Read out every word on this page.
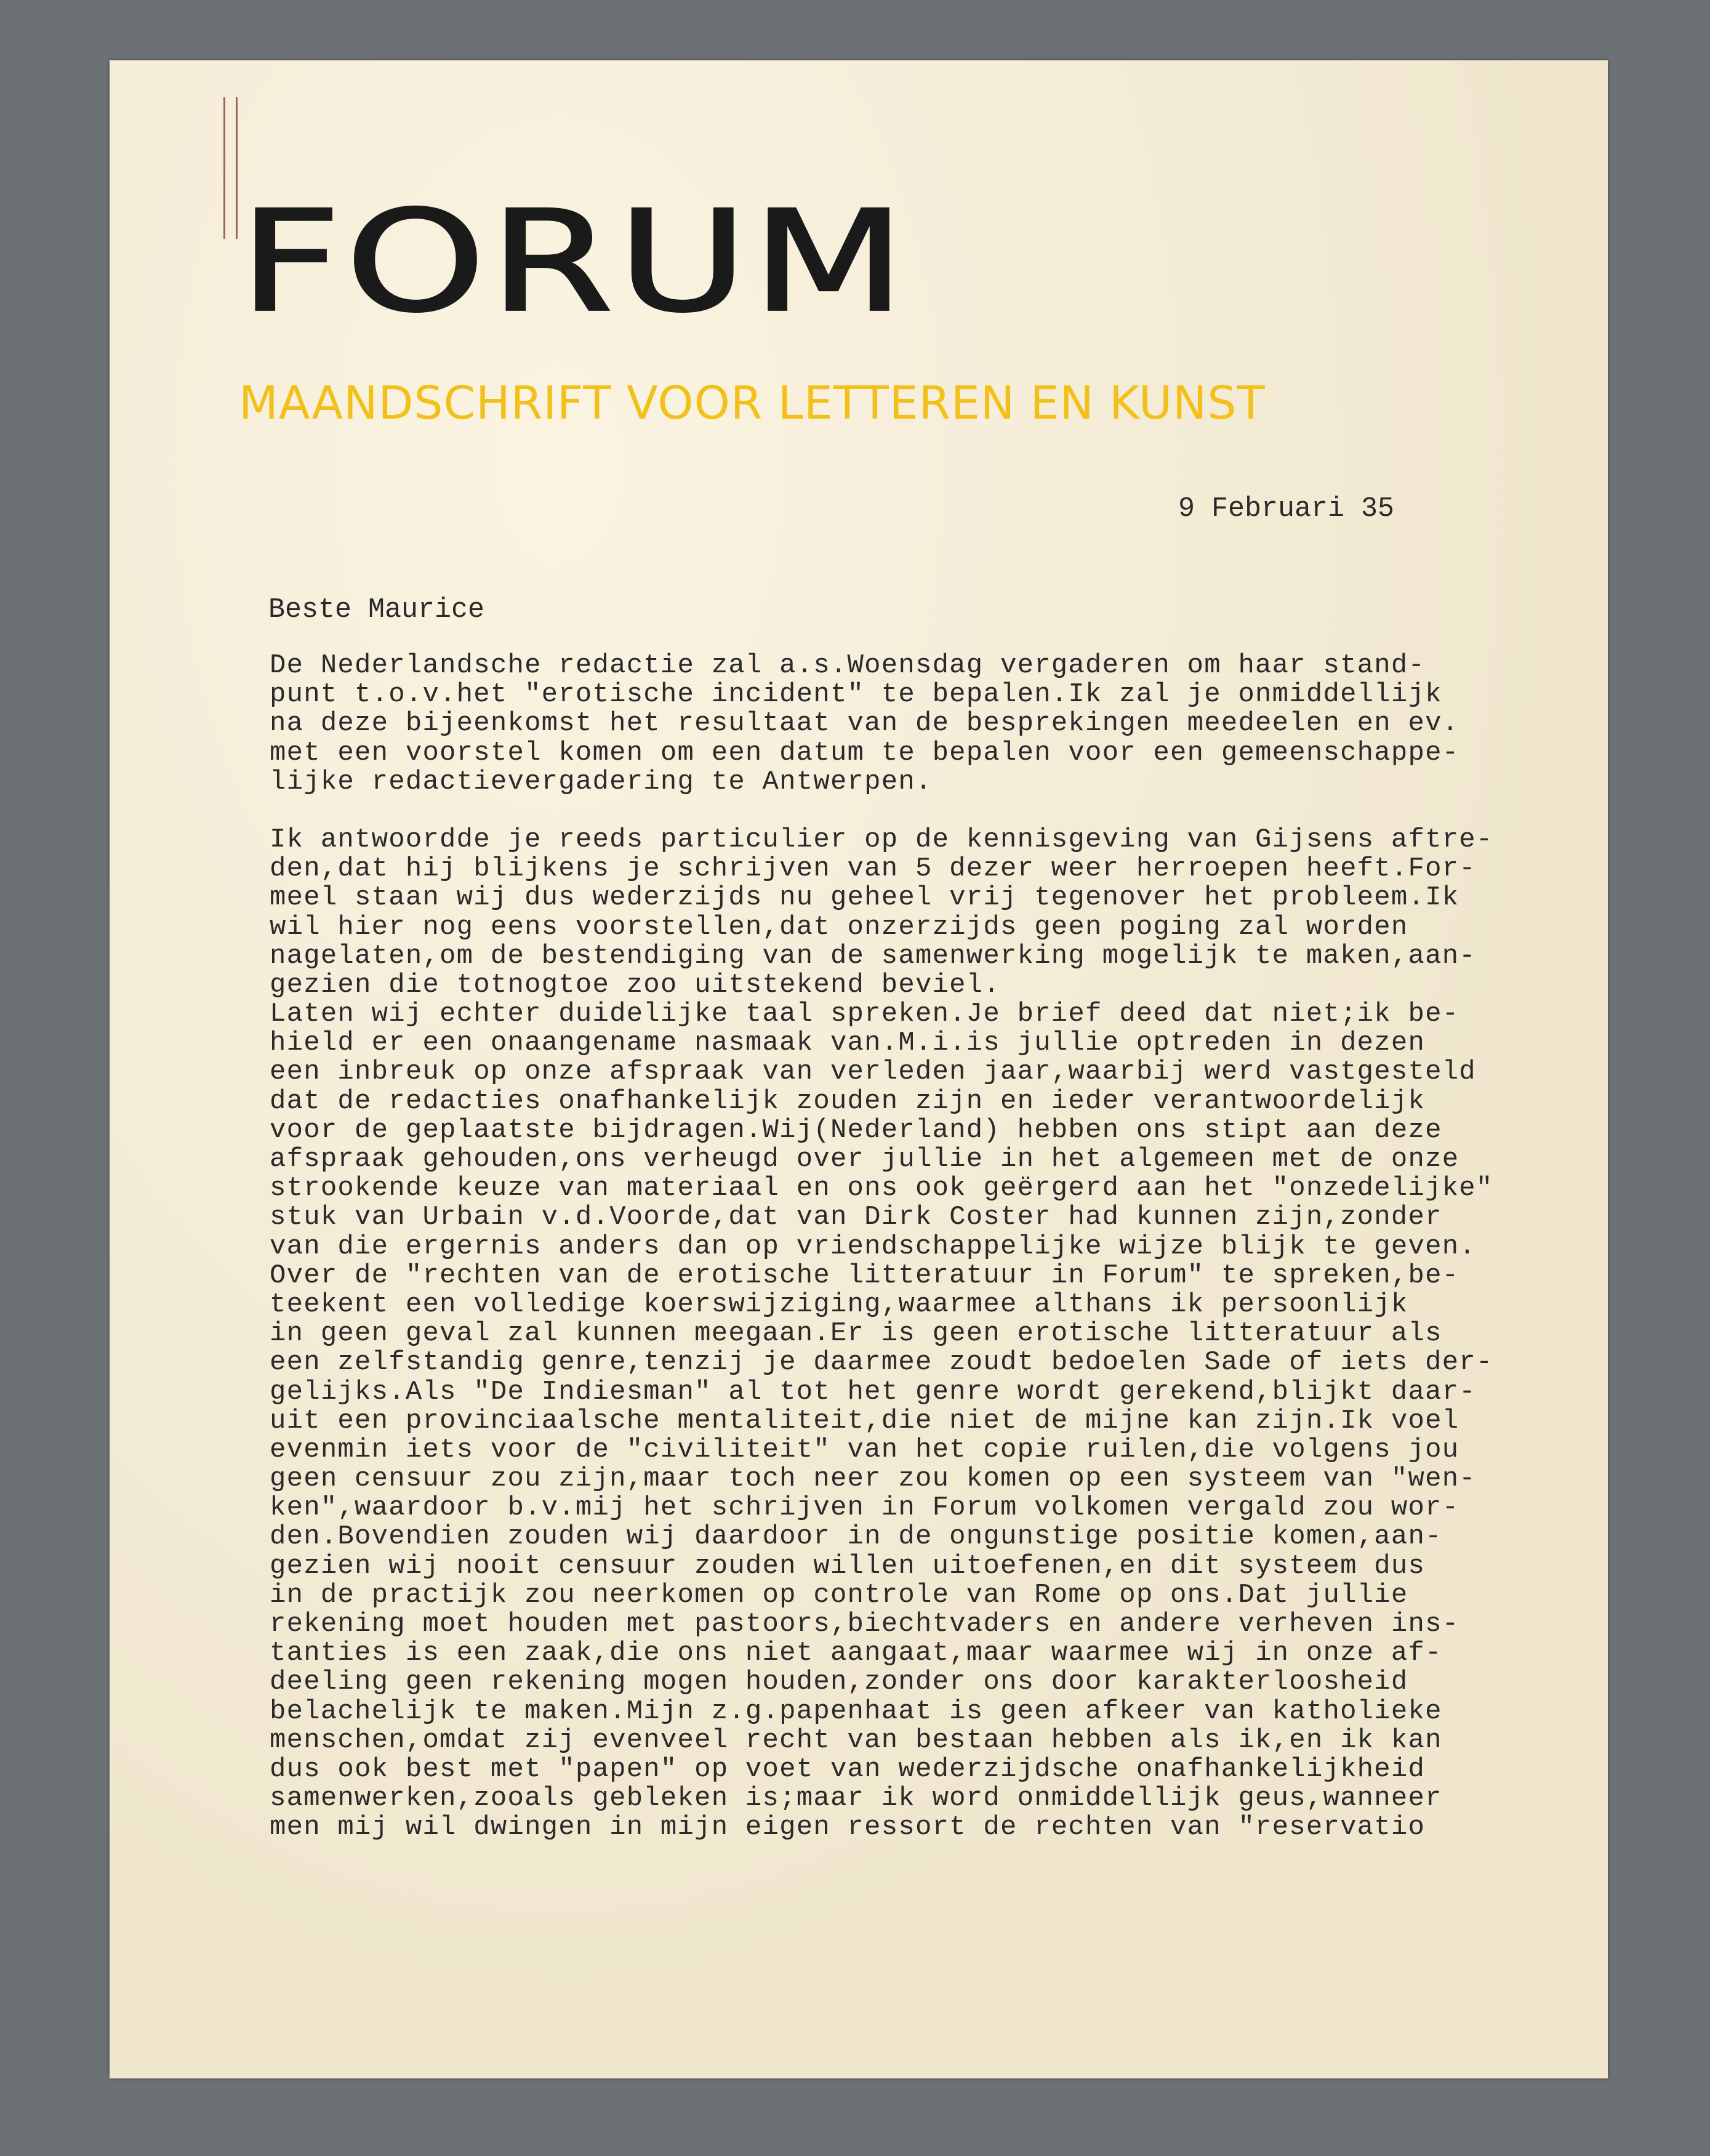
FORUM
MAANDSCHRIFT VOOR LETTEREN EN KUNST
9 Februari 35
Beste Maurice
De Nederlandsche redactie zal a.s.Woensdag vergaderen om haar stand-
punt t.o.v.het "erotische incident" te bepalen.Ik zal je onmiddellijk
na deze bijeenkomst het resultaat van de besprekingen meedeelen en ev.
met een voorstel komen om een datum te bepalen voor een gemeenschappe-
lijke redactievergadering te Antwerpen.
Ik antwoordde je reeds particulier op de kennisgeving van Gijsens aftre-
den,dat hij blijkens je schrijven van 5 dezer weer herroepen heeft.For-
meel staan wij dus wederzijds nu geheel vrij tegenover het probleem.Ik
wil hier nog eens voorstellen,dat onzerzijds geen poging zal worden
nagelaten,om de bestendiging van de samenwerking mogelijk te maken,aan-
gezien die totnogtoe zoo uitstekend beviel.
Laten wij echter duidelijke taal spreken.Je brief deed dat niet;ik be-
hield er een onaangename nasmaak van.M.i.is jullie optreden in dezen
een inbreuk op onze afspraak van verleden jaar,waarbij werd vastgesteld
dat de redacties onafhankelijk zouden zijn en ieder verantwoordelijk
voor de geplaatste bijdragen.Wij(Nederland) hebben ons stipt aan deze
afspraak gehouden,ons verheugd over jullie in het algemeen met de onze
strookende keuze van materiaal en ons ook geërgerd aan het "onzedelijke"
stuk van Urbain v.d.Voorde,dat van Dirk Coster had kunnen zijn,zonder
van die ergernis anders dan op vriendschappelijke wijze blijk te geven.
Over de "rechten van de erotische litteratuur in Forum" te spreken,be-
teekent een volledige koerswijziging,waarmee althans ik persoonlijk
in geen geval zal kunnen meegaan.Er is geen erotische litteratuur als
een zelfstandig genre,tenzij je daarmee zoudt bedoelen Sade of iets der-
gelijks.Als "De Indiesman" al tot het genre wordt gerekend,blijkt daar-
uit een provinciaalsche mentaliteit,die niet de mijne kan zijn.Ik voel
evenmin iets voor de "civiliteit" van het copie ruilen,die volgens jou
geen censuur zou zijn,maar toch neer zou komen op een systeem van "wen-
ken",waardoor b.v.mij het schrijven in Forum volkomen vergald zou wor-
den.Bovendien zouden wij daardoor in de ongunstige positie komen,aan-
gezien wij nooit censuur zouden willen uitoefenen,en dit systeem dus
in de practijk zou neerkomen op controle van Rome op ons.Dat jullie
rekening moet houden met pastoors,biechtvaders en andere verheven ins-
tanties is een zaak,die ons niet aangaat,maar waarmee wij in onze af-
deeling geen rekening mogen houden,zonder ons door karakterloosheid
belachelijk te maken.Mijn z.g.papenhaat is geen afkeer van katholieke
menschen,omdat zij evenveel recht van bestaan hebben als ik,en ik kan
dus ook best met "papen" op voet van wederzijdsche onafhankelijkheid
samenwerken,zooals gebleken is;maar ik word onmiddellijk geus,wanneer
men mij wil dwingen in mijn eigen ressort de rechten van "reservatio
